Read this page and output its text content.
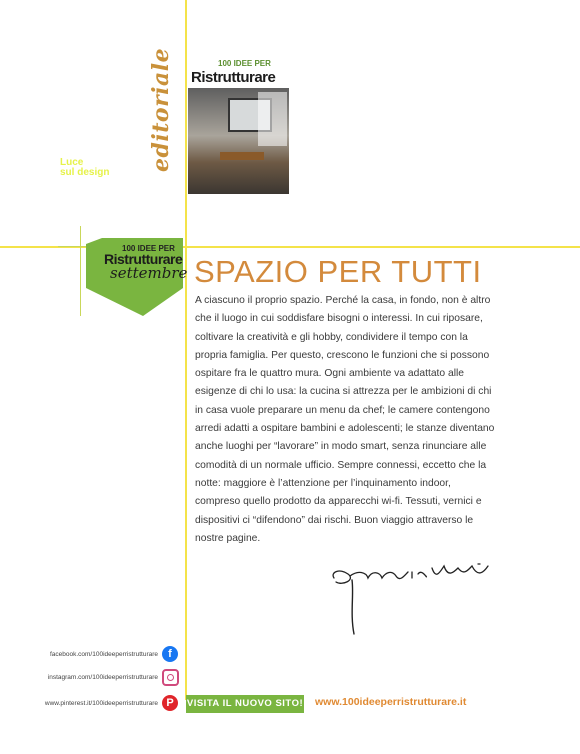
editoriale	100 IDEE PER
Ristrutturare
Luce
sul design
100 IDEE PER
Ristrutturare
settembre SPAZIO PER TUTTI

A ciascuno il proprio spazio. Perché la casa, in fondo, non è altro che il luogo in cui soddisfare bisogni o interessi. In cui riposare, coltivare la creatività e gli hobby, condividere il tempo con la propria famiglia. Per questo, crescono le funzioni che si possono ospitare fra le quattro mura. Ogni ambiente va adattato alle esigenze di chi lo usa: la cucina si attrezza per le ambizioni di chi in casa vuole preparare un menu da chef; le camere contengono arredi adatti a ospitare bambini e adolescenti; le stanze diventano anche luoghi per “lavorare” in modo smart, senza rinunciare alle comodità di un normale ufficio. Sempre connessi, eccetto che la notte: maggiore è l’attenzione per l’inquinamento indoor, compreso quello prodotto da apparecchi wi-fi. Tessuti, vernici e dispositivi ci “difendono” dai rischi. Buon viaggio attraverso le nostre pagine.

facebook.com/100ideeperristrutturare f
instagram.com/100ideeperristrutturare
www.pinterest.it/100ideeperristrutturare P	VISITA IL NUOVO SITO! www.100ideeperristrutturare.it
